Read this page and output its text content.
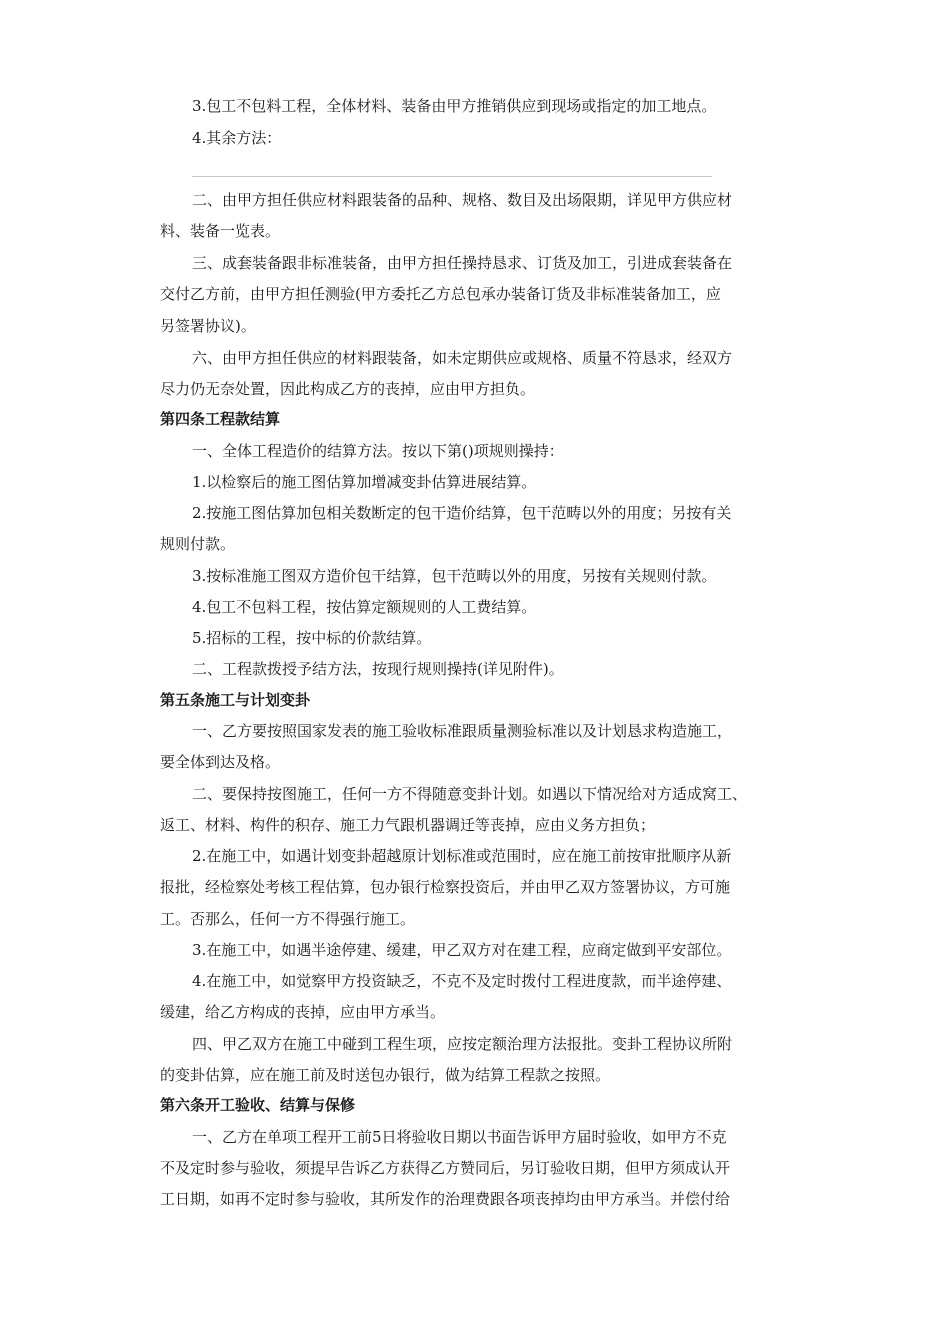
3.包工不包料工程，全体材料、装备由甲方推销供应到现场或指定的加工地点。
4.其余方法：
二、由甲方担任供应材料跟装备的品种、规格、数目及出场限期，详见甲方供应材
料、装备一览表。
三、成套装备跟非标准装备，由甲方担任操持恳求、订货及加工，引进成套装备在
交付乙方前，由甲方担任测验(甲方委托乙方总包承办装备订货及非标准装备加工，应
另签署协议)。
六、由甲方担任供应的材料跟装备，如未定期供应或规格、质量不符恳求，经双方
尽力仍无奈处置，因此构成乙方的丧掉，应由甲方担负。
第四条工程款结算
一、全体工程造价的结算方法。按以下第()项规则操持：
1.以检察后的施工图估算加增减变卦估算进展结算。
2.按施工图估算加包相关数断定的包干造价结算，包干范畴以外的用度；另按有关
规则付款。
3.按标准施工图双方造价包干结算，包干范畴以外的用度，另按有关规则付款。
4.包工不包料工程，按估算定额规则的人工费结算。
5.招标的工程，按中标的价款结算。
二、工程款拨授予结方法，按现行规则操持(详见附件)。
第五条施工与计划变卦
一、乙方要按照国家发表的施工验收标准跟质量测验标准以及计划恳求构造施工，
要全体到达及格。
二、要保持按图施工，任何一方不得随意变卦计划。如遇以下情况给对方适成窝工、
返工、材料、构件的积存、施工力气跟机器调迁等丧掉，应由义务方担负；
2.在施工中，如遇计划变卦超越原计划标准或范围时，应在施工前按审批顺序从新
报批，经检察处考核工程估算，包办银行检察投资后，并由甲乙双方签署协议，方可施
工。否那么，任何一方不得强行施工。
3.在施工中，如遇半途停建、缓建，甲乙双方对在建工程，应商定做到平安部位。
4.在施工中，如觉察甲方投资缺乏，不克不及定时拨付工程进度款，而半途停建、
缓建，给乙方构成的丧掉，应由甲方承当。
四、甲乙双方在施工中碰到工程生项，应按定额治理方法报批。变卦工程协议所附
的变卦估算，应在施工前及时送包办银行，做为结算工程款之按照。
第六条开工验收、结算与保修
一、乙方在单项工程开工前5日将验收日期以书面告诉甲方届时验收，如甲方不克
不及定时参与验收，须提早告诉乙方获得乙方赞同后，另订验收日期，但甲方须成认开
工日期，如再不定时参与验收，其所发作的治理费跟各项丧掉均由甲方承当。并偿付给
